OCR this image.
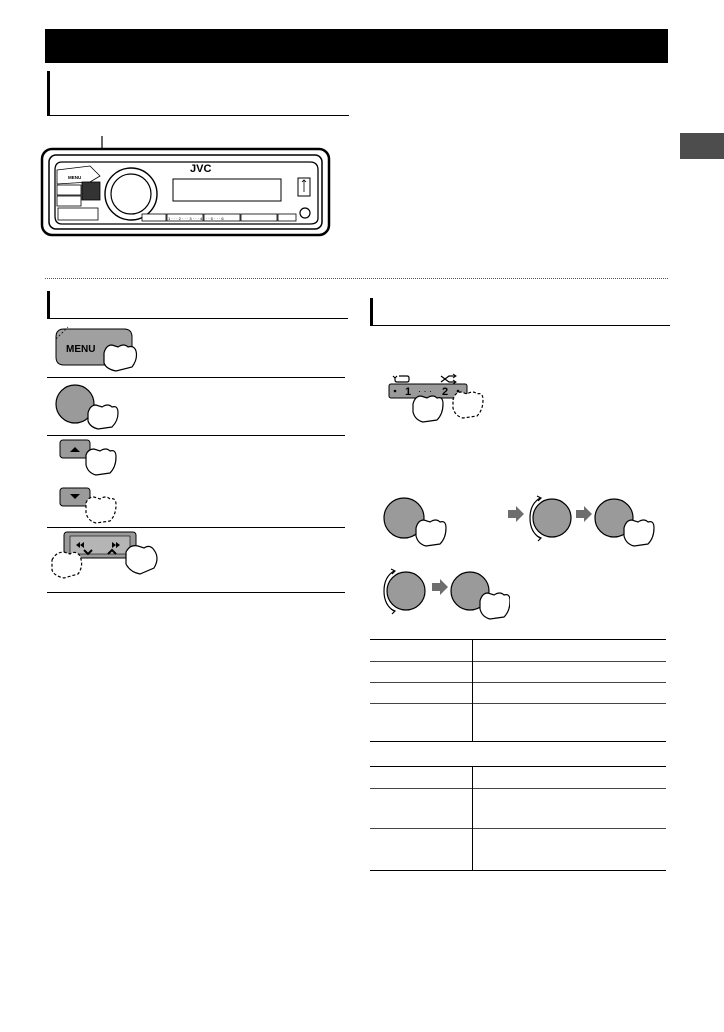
MENU
JVC
1 · · · 2 · · · 3 · · · 4 · · · 5 · · · 6
MENU
1 · · · 2
